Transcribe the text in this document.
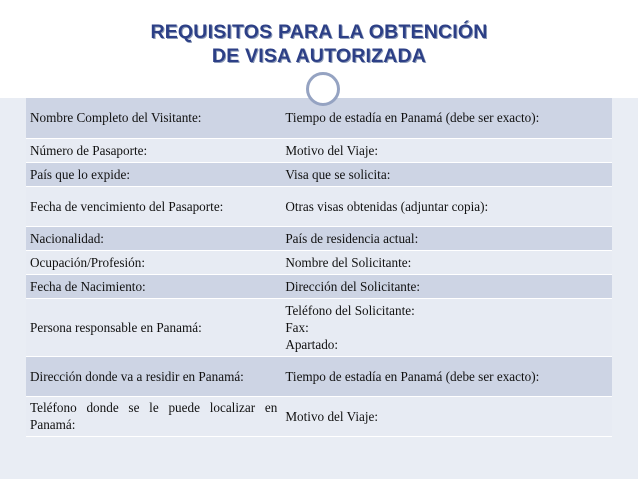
REQUISITOS PARA LA OBTENCIÓN
DE VISA AUTORIZADA
Nombre Completo del Visitante:	Tiempo de estadía en Panamá (debe ser exacto):
Número de Pasaporte:	Motivo del Viaje:
País que lo expide:	Visa que se solicita:
Fecha de vencimiento del Pasaporte:	Otras visas obtenidas (adjuntar copia):
Nacionalidad:	País de residencia actual:
Ocupación/Profesión:	Nombre del Solicitante:
Fecha de Nacimiento:	Dirección del Solicitante:
Persona responsable en Panamá:	Teléfono del Solicitante:
Fax:
Apartado:

Dirección donde va a residir en Panamá:	Tiempo de estadía en Panamá (debe ser exacto):
Teléfono donde se le puede localizar en Panamá:	Motivo del Viaje:
